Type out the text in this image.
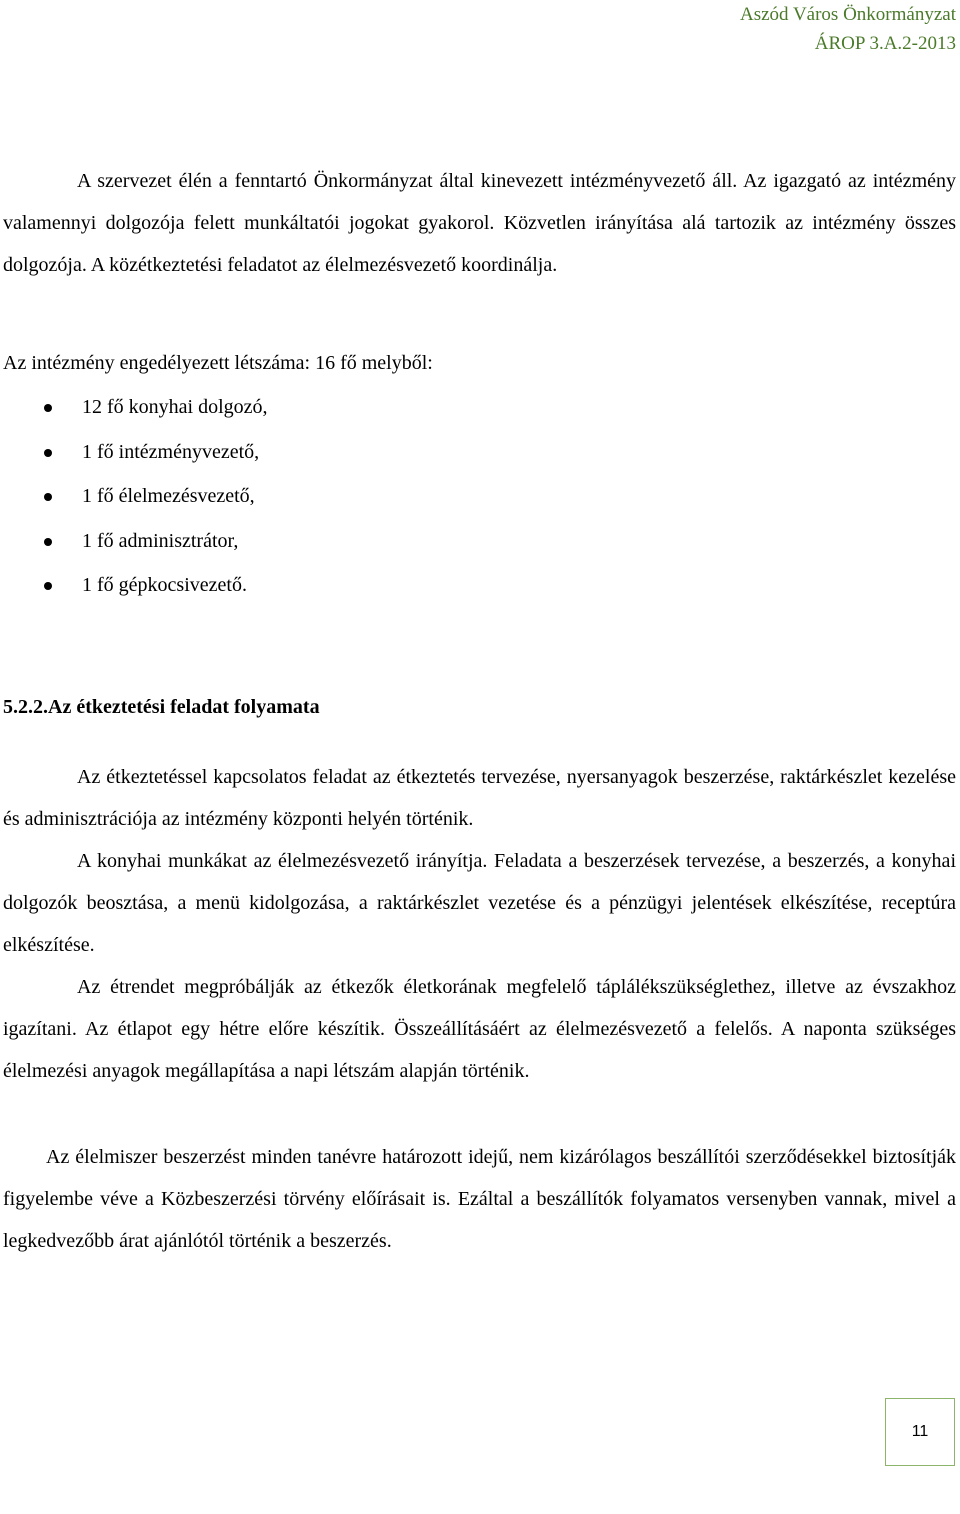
Aszód Város Önkormányzat
ÁROP 3.A.2-2013

A szervezet élén a fenntartó Önkormányzat által kinevezett intézményvezető áll. Az igazgató az intézmény valamennyi dolgozója felett munkáltatói jogokat gyakorol. Közvetlen irányítása alá tartozik az intézmény összes dolgozója. A közétkeztetési feladatot az élelmezésvezető koordinálja.

Az intézmény engedélyezett létszáma: 16 fő melyből:

12 fő konyhai dolgozó,
1 fő intézményvezető,
1 fő élelmezésvezető,
1 fő adminisztrátor,
1 fő gépkocsivezető.
5.2.2.Az étkeztetési feladat folyamata

Az étkeztetéssel kapcsolatos feladat az étkeztetés tervezése, nyersanyagok beszerzése, raktárkészlet kezelése és adminisztrációja az intézmény központi helyén történik.

A konyhai munkákat az élelmezésvezető irányítja. Feladata a beszerzések tervezése, a beszerzés, a konyhai dolgozók beosztása, a menü kidolgozása, a raktárkészlet vezetése és a pénzügyi jelentések elkészítése, receptúra elkészítése.

Az étrendet megpróbálják az étkezők életkorának megfelelő táplálékszükséglethez, illetve az évszakhoz igazítani. Az étlapot egy hétre előre készítik. Összeállításáért az élelmezésvezető a felelős. A naponta szükséges élelmezési anyagok megállapítása a napi létszám alapján történik.

Az élelmiszer beszerzést minden tanévre határozott idejű, nem kizárólagos beszállítói szerződésekkel biztosítják figyelembe véve a Közbeszerzési törvény előírásait is. Ezáltal a beszállítók folyamatos versenyben vannak, mivel a legkedvezőbb árat ajánlótól történik a beszerzés.

11
